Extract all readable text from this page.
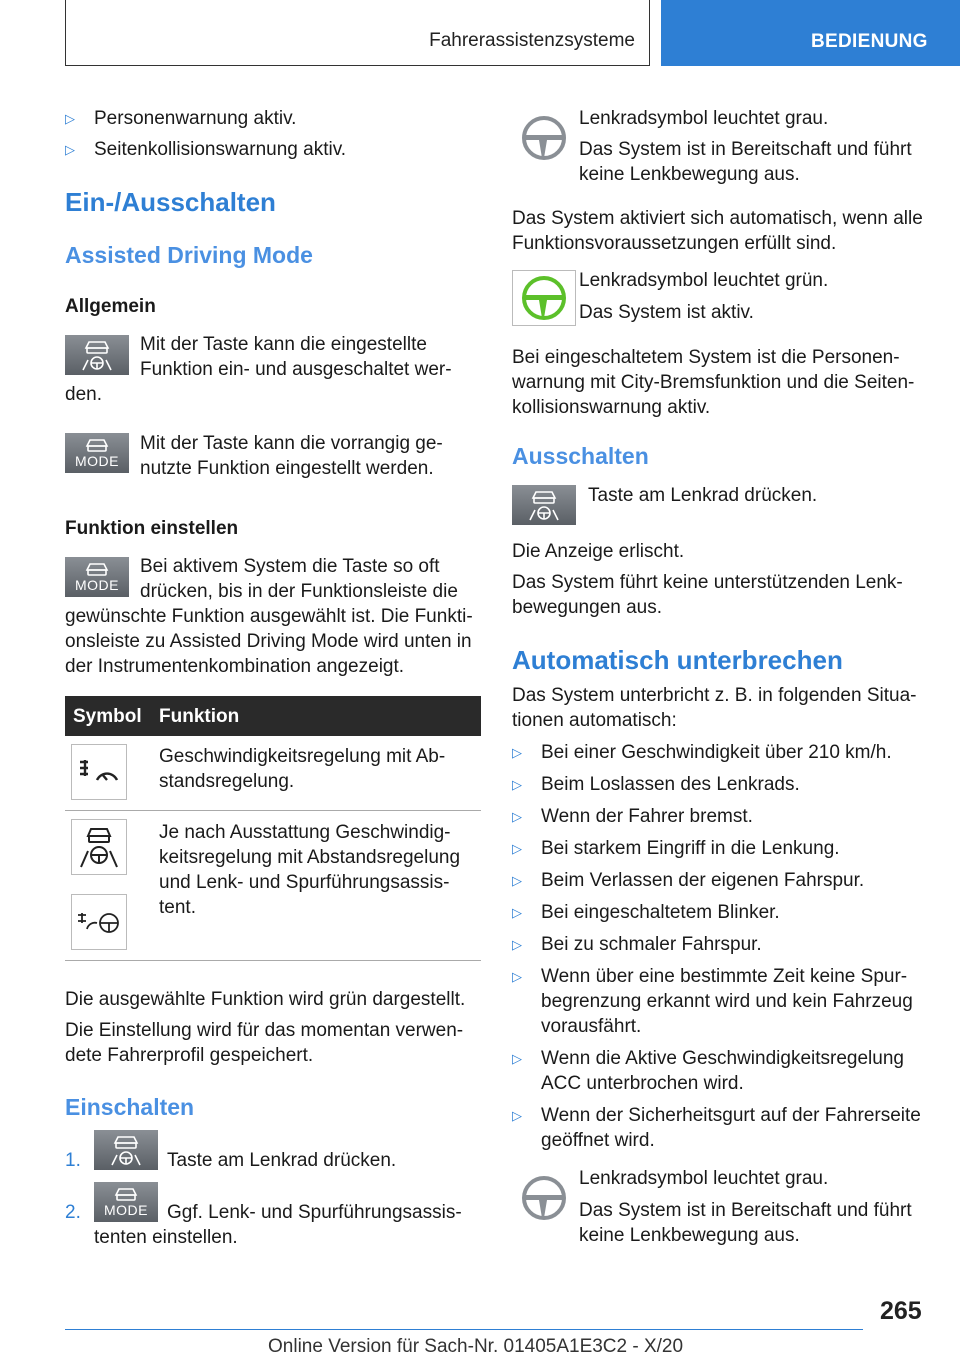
Fahrerassistenzsysteme	BEDIENUNG
▷ Personenwarnung aktiv.
▷ Seitenkollisionswarnung aktiv.
Ein-/Ausschalten
Assisted Driving Mode
Allgemein
Mit der Taste kann die eingestellte
Funktion ein- und ausgeschaltet wer-
den.
MODE
Mit der Taste kann die vorrangig ge-
nutzte Funktion eingestellt werden.
Funktion einstellen
MODE
Bei aktivem System die Taste so oft
drücken, bis in der Funktionsleiste die
gewünschte Funktion ausgewählt ist. Die Funkti-
onsleiste zu Assisted Driving Mode wird unten in
der Instrumentenkombination angezeigt.
Symbol Funktion
Geschwindigkeitsregelung mit Ab-
standsregelung.
Je nach Ausstattung Geschwindig-
keitsregelung mit Abstandsregelung
und Lenk- und Spurführungsassis-
tent.
Die ausgewählte Funktion wird grün dargestellt.
Die Einstellung wird für das momentan verwen-
dete Fahrerprofil gespeichert.
Einschalten
1.	Taste am Lenkrad drücken.
2. MODE Ggf. Lenk- und Spurführungsassis-
tenten einstellen.
Lenkradsymbol leuchtet grau.
Das System ist in Bereitschaft und führt
keine Lenkbewegung aus.
Das System aktiviert sich automatisch, wenn alle
Funktionsvoraussetzungen erfüllt sind.
Lenkradsymbol leuchtet grün.
Das System ist aktiv.
Bei eingeschaltetem System ist die Personen-
warnung mit City-Bremsfunktion und die Seiten-
kollisionswarnung aktiv.
Ausschalten
Taste am Lenkrad drücken.
Die Anzeige erlischt.
Das System führt keine unterstützenden Lenk-
bewegungen aus.
Automatisch unterbrechen
Das System unterbricht z. B. in folgenden Situa-
tionen automatisch:
▷ Bei einer Geschwindigkeit über 210 km/h.
▷ Beim Loslassen des Lenkrads.
▷ Wenn der Fahrer bremst.
▷ Bei starkem Eingriff in die Lenkung.
▷ Beim Verlassen der eigenen Fahrspur.
▷ Bei eingeschaltetem Blinker.
▷ Bei zu schmaler Fahrspur.
▷ Wenn über eine bestimmte Zeit keine Spur-
begrenzung erkannt wird und kein Fahrzeug
vorausfährt.
▷ Wenn die Aktive Geschwindigkeitsregelung
ACC unterbrochen wird.
▷ Wenn der Sicherheitsgurt auf der Fahrerseite
geöffnet wird.
Lenkradsymbol leuchtet grau.
Das System ist in Bereitschaft und führt
keine Lenkbewegung aus.
265
Online Version für Sach-Nr. 01405A1E3C2 - X/20
